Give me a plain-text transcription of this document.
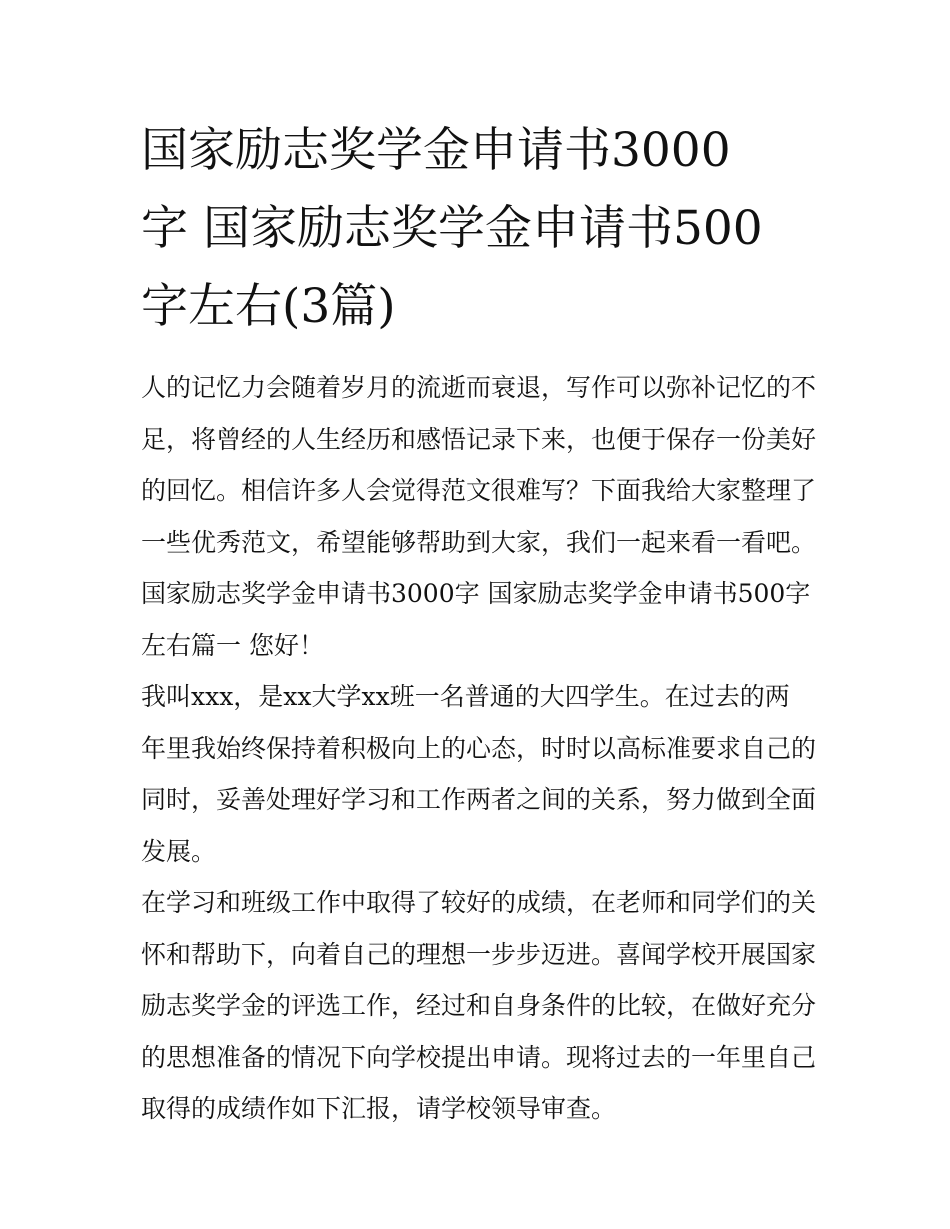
国家励志奖学金申请书3000
字 国家励志奖学金申请书500
字左右(3篇)
人的记忆力会随着岁月的流逝而衰退，写作可以弥补记忆的不
足，将曾经的人生经历和感悟记录下来，也便于保存一份美好
的回忆。相信许多人会觉得范文很难写？下面我给大家整理了
一些优秀范文，希望能够帮助到大家，我们一起来看一看吧。
国家励志奖学金申请书3000字 国家励志奖学金申请书500字
左右篇一 您好！
我叫xxx，是xx大学xx班一名普通的大四学生。在过去的两
年里我始终保持着积极向上的心态，时时以高标准要求自己的
同时，妥善处理好学习和工作两者之间的关系，努力做到全面
发展。
在学习和班级工作中取得了较好的成绩，在老师和同学们的关
怀和帮助下，向着自己的理想一步步迈进。喜闻学校开展国家
励志奖学金的评选工作，经过和自身条件的比较，在做好充分
的思想准备的情况下向学校提出申请。现将过去的一年里自己
取得的成绩作如下汇报，请学校领导审查。
